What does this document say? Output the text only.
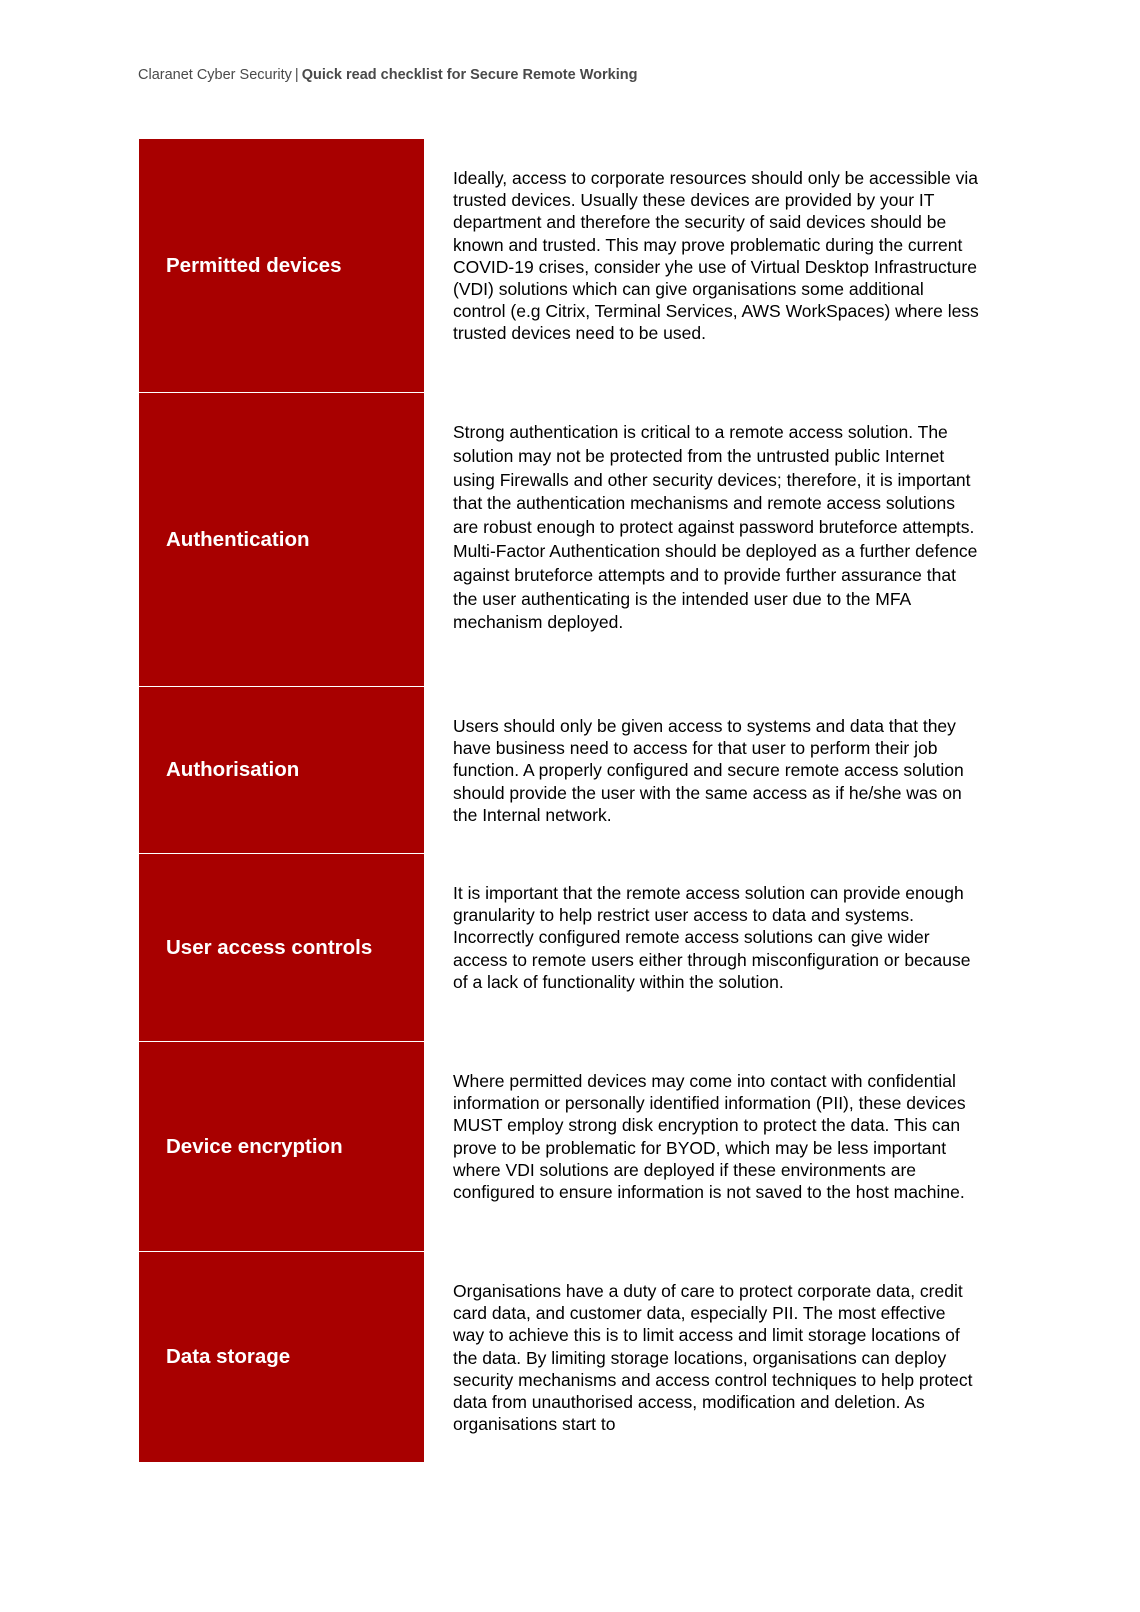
Claranet Cyber Security | Quick read checklist for Secure Remote Working
Permitted devices

Ideally, access to corporate resources should only be accessible via trusted devices. Usually these devices are provided by your IT department and therefore the security of said devices should be known and trusted. This may prove problematic during the current COVID-19 crises, consider yhe use of Virtual Desktop Infrastructure (VDI) solutions which can give organisations some additional control (e.g Citrix, Terminal Services, AWS WorkSpaces) where less trusted devices need to be used.

Authentication

Strong authentication is critical to a remote access solution. The solution may not be protected from the untrusted public Internet using Firewalls and other security devices; therefore, it is important that the authentication mechanisms and remote access solutions are robust enough to protect against password bruteforce attempts.

Multi-Factor Authentication should be deployed as a further defence against bruteforce attempts and to provide further assurance that the user authenticating is the intended user due to the MFA mechanism deployed.

Authorisation

Users should only be given access to systems and data that they have business need to access for that user to perform their job function. A properly configured and secure remote access solution should provide the user with the same access as if he/she was on the Internal network.

User access controls

It is important that the remote access solution can provide enough granularity to help restrict user access to data and systems. Incorrectly configured remote access solutions can give wider access to remote users either through misconfiguration or because of a lack of functionality within the solution.

Device encryption

Where permitted devices may come into contact with confidential information or personally identified information (PII), these devices MUST employ strong disk encryption to protect the data. This can prove to be problematic for BYOD, which may be less important where VDI solutions are deployed if these environments are configured to ensure information is not saved to the host machine.

Data storage

Organisations have a duty of care to protect corporate data, credit card data, and customer data, especially PII. The most effective way to achieve this is to limit access and limit storage locations of the data. By limiting storage locations, organisations can deploy security mechanisms and access control techniques to help protect data from unauthorised access, modification and deletion. As organisations start to
